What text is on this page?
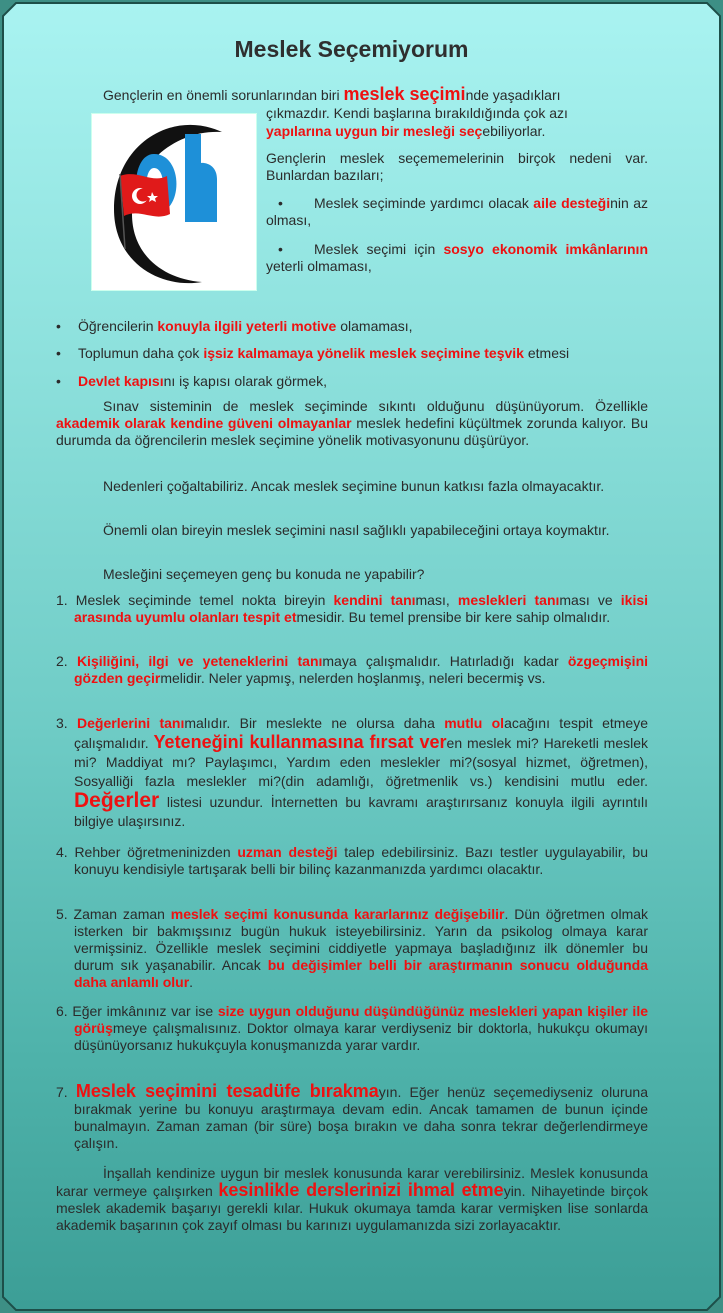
Meslek Seçemiyorum

Gençlerin en önemli sorunlarından biri meslek seçiminde yaşadıkları

çıkmazdır. Kendi başlarına bırakıldığında çok azı

yapılarına uygun bir mesleği seçebiliyorlar.

Gençlerin meslek seçememelerinin birçok nedeni var. Bunlardan bazıları;

• Meslek seçiminde yardımcı olacak aile desteğinin az olması,

• Meslek seçimi için sosyo ekonomik imkânlarının yeterli olmaması,

• Öğrencilerin konuyla ilgili yeterli motive olamaması,

• Toplumun daha çok işsiz kalmamaya yönelik meslek seçimine teşvik etmesi

• Devlet kapısını iş kapısı olarak görmek,

Sınav sisteminin de meslek seçiminde sıkıntı olduğunu düşünüyorum. Özellikle akademik olarak kendine güveni olmayanlar meslek hedefini küçültmek zorunda kalıyor. Bu durumda da öğrencilerin meslek seçimine yönelik motivasyonunu düşürüyor.

Nedenleri çoğaltabiliriz. Ancak meslek seçimine bunun katkısı fazla olmayacaktır.

Önemli olan bireyin meslek seçimini nasıl sağlıklı yapabileceğini ortaya koymaktır.

Mesleğini seçemeyen genç bu konuda ne yapabilir?

1. Meslek seçiminde temel nokta bireyin kendini tanıması, meslekleri tanıması ve ikisi arasında uyumlu olanları tespit etmesidir. Bu temel prensibe bir kere sahip olmalıdır.

2. Kişiliğini, ilgi ve yeteneklerini tanımaya çalışmalıdır. Hatırladığı kadar özgeçmişini gözden geçirmelidir. Neler yapmış, nelerden hoşlanmış, neleri becermiş vs.

3. Değerlerini tanımalıdır. Bir meslekte ne olursa daha mutlu olacağını tespit etmeye çalışmalıdır. Yeteneğini kullanmasına fırsat veren meslek mi? Hareketli meslek mi? Maddiyat mı? Paylaşımcı, Yardım eden meslekler mi?(sosyal hizmet, öğretmen), Sosyalliği fazla meslekler mi?(din adamlığı, öğretmenlik vs.) kendisini mutlu eder. Değerler listesi uzundur. İnternetten bu kavramı araştırırsanız konuyla ilgili ayrıntılı bilgiye ulaşırsınız.

4. Rehber öğretmeninizden uzman desteği talep edebilirsiniz. Bazı testler uygulayabilir, bu konuyu kendisiyle tartışarak belli bir bilinç kazanmanızda yardımcı olacaktır.

5. Zaman zaman meslek seçimi konusunda kararlarınız değişebilir. Dün öğretmen olmak isterken bir bakmışsınız bugün hukuk isteyebilirsiniz. Yarın da psikolog olmaya karar vermişsiniz. Özellikle meslek seçimini ciddiyetle yapmaya başladığınız ilk dönemler bu durum sık yaşanabilir. Ancak bu değişimler belli bir araştırmanın sonucu olduğunda daha anlamlı olur.

6. Eğer imkânınız var ise size uygun olduğunu düşündüğünüz meslekleri yapan kişiler ile görüşmeye çalışmalısınız. Doktor olmaya karar verdiyseniz bir doktorla, hukukçu okumayı düşünüyorsanız hukukçuyla konuşmanızda yarar vardır.

7. Meslek seçimini tesadüfe bırakmayın. Eğer henüz seçemediyseniz oluruna bırakmak yerine bu konuyu araştırmaya devam edin. Ancak tamamen de bunun içinde bunalmayın. Zaman zaman (bir süre) boşa bırakın ve daha sonra tekrar değerlendirmeye çalışın.

İnşallah kendinize uygun bir meslek konusunda karar verebilirsiniz. Meslek konusunda karar vermeye çalışırken kesinlikle derslerinizi ihmal etmeyin. Nihayetinde birçok meslek akademik başarıyı gerekli kılar. Hukuk okumaya tamda karar vermişken lise sonlarda akademik başarının çok zayıf olması bu karınızı uygulamanızda sizi zorlayacaktır.
